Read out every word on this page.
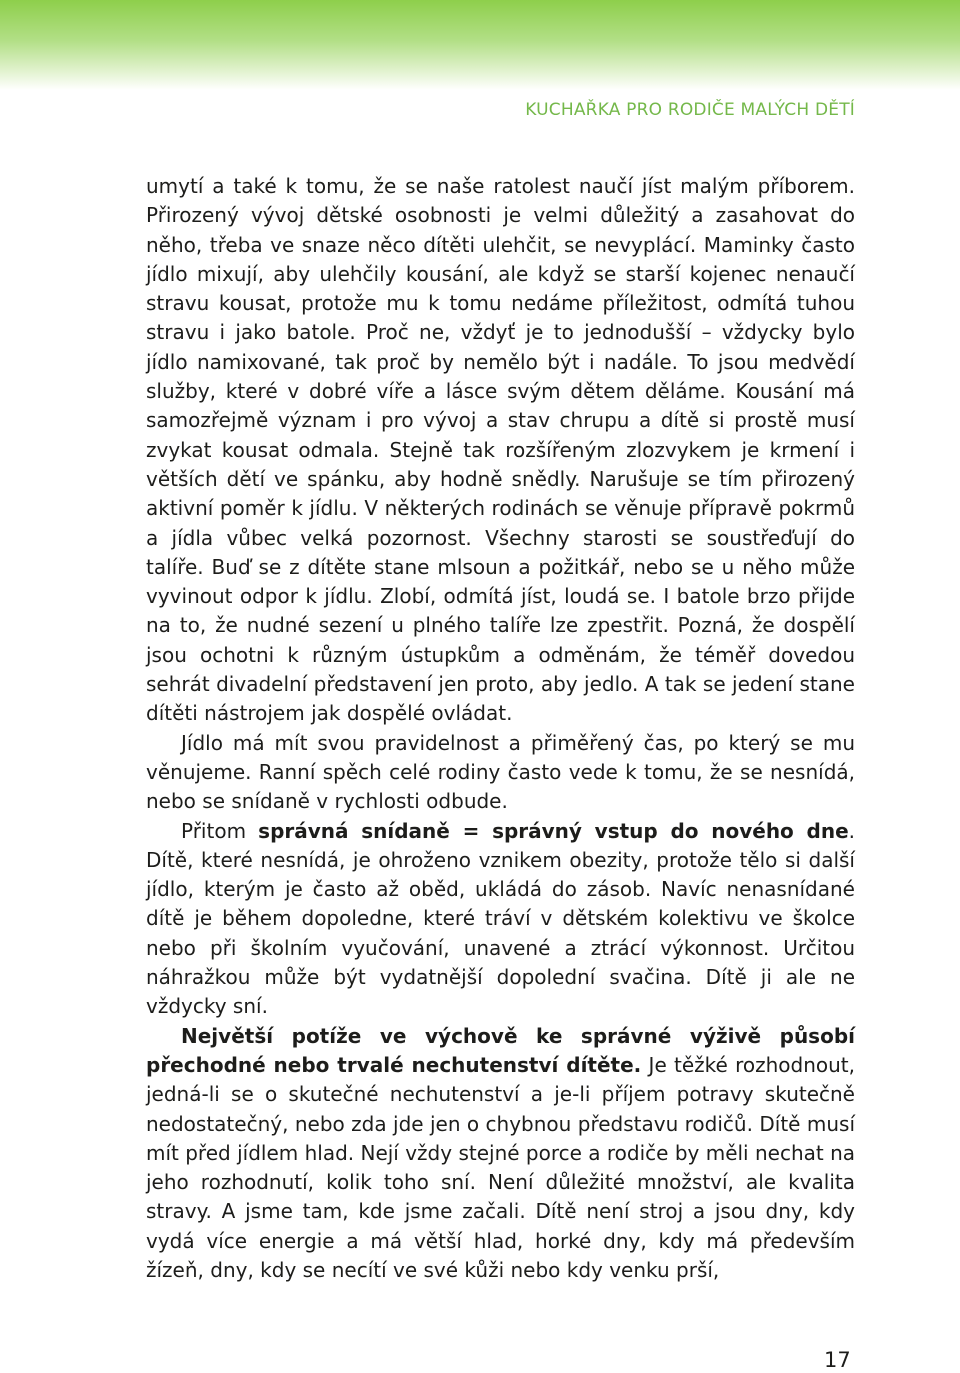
KUCHAŘKA PRO RODIČE MALÝCH DĚTÍ

umytí a také k tomu, že se naše ratolest naučí jíst malým příborem. Přirozený vývoj dětské osobnosti je velmi důležitý a zasahovat do něho, třeba ve snaze něco dítěti ulehčit, se nevyplácí. Maminky často jídlo mixují, aby ulehčily kousání, ale když se starší kojenec nenaučí stravu kousat, protože mu k tomu nedáme příležitost, odmítá tuhou stravu i jako batole. Proč ne, vždyť je to jednodušší – vždycky bylo jídlo namixované, tak proč by nemělo být i nadále. To jsou medvědí služby, které v dobré víře a lásce svým dětem děláme. Kousání má samozřejmě význam i pro vývoj a stav chrupu a dítě si prostě musí zvykat kousat odmala. Stejně tak rozšířeným zlozvykem je krmení i větších dětí ve spánku, aby hodně snědly. Narušuje se tím přirozený aktivní poměr k jídlu. V některých rodinách se věnuje přípravě pokrmů a jídla vůbec velká pozornost. Všechny starosti se soustřeďují do talíře. Buď se z dítěte stane mlsoun a požitkář, nebo se u něho může vyvinout odpor k jídlu. Zlobí, odmítá jíst, loudá se. I batole brzo přijde na to, že nudné sezení u plného talíře lze zpestřit. Pozná, že dospělí jsou ochotni k různým ústupkům a odměnám, že téměř dovedou sehrát divadelní představení jen proto, aby jedlo. A tak se jedení stane dítěti nástrojem jak dospělé ovládat.

Jídlo má mít svou pravidelnost a přiměřený čas, po který se mu věnujeme. Ranní spěch celé rodiny často vede k tomu, že se nesnídá, nebo se snídaně v rychlosti odbude.

Přitom správná snídaně = správný vstup do nového dne. Dítě, které nesnídá, je ohroženo vznikem obezity, protože tělo si další jídlo, kterým je často až oběd, ukládá do zásob. Navíc nenasnídané dítě je během dopoledne, které tráví v dětském kolektivu ve školce nebo při školním vyučování, unavené a ztrácí výkonnost. Určitou náhražkou může být vydatnější dopolední svačina. Dítě ji ale ne vždycky sní.

Největší potíže ve výchově ke správné výživě působí přechodné nebo trvalé nechutenství dítěte. Je těžké rozhodnout, jedná-li se o skutečné nechutenství a je-li příjem potravy skutečně nedostatečný, nebo zda jde jen o chybnou představu rodičů. Dítě musí mít před jídlem hlad. Nejí vždy stejné porce a rodiče by měli nechat na jeho rozhodnutí, kolik toho sní. Není důležité množství, ale kvalita stravy. A jsme tam, kde jsme začali. Dítě není stroj a jsou dny, kdy vydá více energie a má větší hlad, horké dny, kdy má především žízeň, dny, kdy se necítí ve své kůži nebo kdy venku prší,

17
